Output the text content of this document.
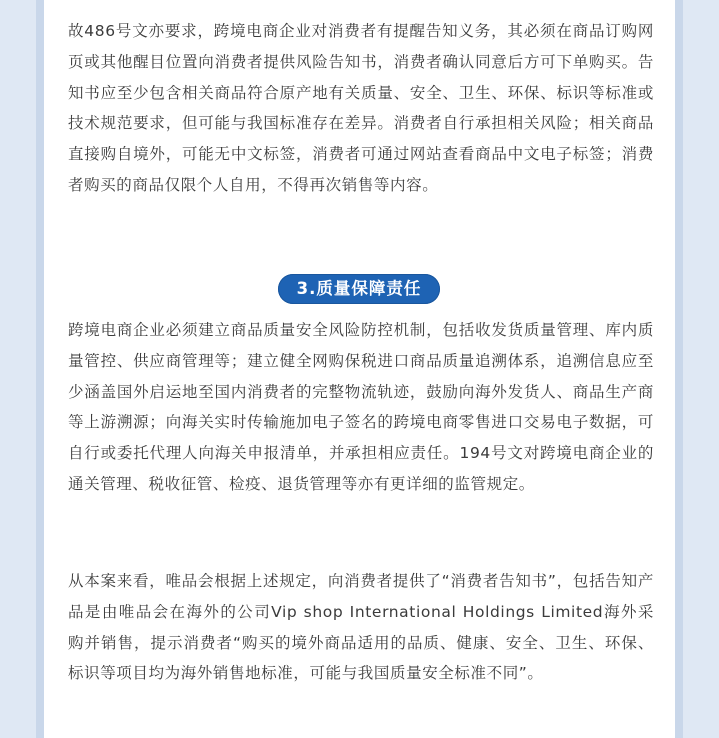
故486号文亦要求，跨境电商企业对消费者有提醒告知义务，其必须在商品订购网页或其他醒目位置向消费者提供风险告知书，消费者确认同意后方可下单购买。告知书应至少包含相关商品符合原产地有关质量、安全、卫生、环保、标识等标准或技术规范要求，但可能与我国标准存在差异。消费者自行承担相关风险；相关商品直接购自境外，可能无中文标签，消费者可通过网站查看商品中文电子标签；消费者购买的商品仅限个人自用，不得再次销售等内容。

3.质量保障责任

跨境电商企业必须建立商品质量安全风险防控机制，包括收发货质量管理、库内质量管控、供应商管理等；建立健全网购保税进口商品质量追溯体系，追溯信息应至少涵盖国外启运地至国内消费者的完整物流轨迹，鼓励向海外发货人、商品生产商等上游溯源；向海关实时传输施加电子签名的跨境电商零售进口交易电子数据，可自行或委托代理人向海关申报清单，并承担相应责任。194号文对跨境电商企业的通关管理、税收征管、检疫、退货管理等亦有更详细的监管规定。

从本案来看，唯品会根据上述规定，向消费者提供了“消费者告知书”，包括告知产品是由唯品会在海外的公司Vip shop International Holdings Limited海外采购并销售，提示消费者“购买的境外商品适用的品质、健康、安全、卫生、环保、标识等项目均为海外销售地标准，可能与我国质量安全标准不同”。
